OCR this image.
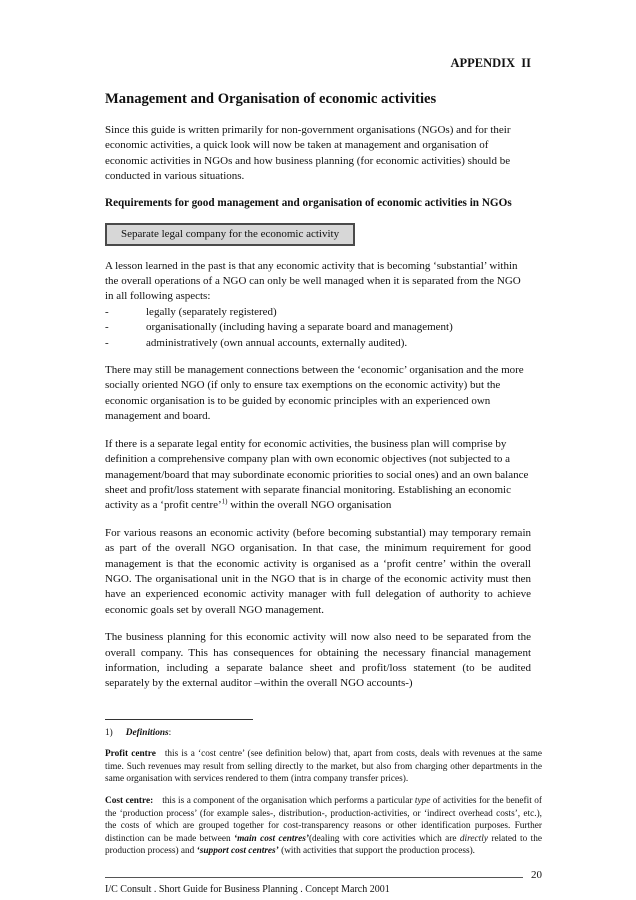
APPENDIX  II
Management and Organisation of economic activities
Since this guide is written primarily for non-government organisations (NGOs) and for their economic activities, a quick look will now be taken at management and organisation of economic activities in NGOs and how business planning (for economic activities) should be conducted in various situations.
Requirements for good management and organisation of economic activities in NGOs
Separate legal company for the economic activity
A lesson learned in the past is that any economic activity that is becoming ‘substantial’ within the overall operations of a NGO can only be well managed when it is separated from the NGO in all following aspects:
-	legally (separately registered)
-	organisationally (including having a separate board and management)
-	administratively (own annual accounts, externally audited).
There may still be management connections between the ‘economic’ organisation and the more socially oriented NGO (if only to ensure tax exemptions on the economic activity) but the economic organisation is to be guided by economic principles with an experienced own management and board.
If there is a separate legal entity for economic activities, the business plan will comprise by definition a comprehensive company plan with own economic objectives (not subjected to a management/board that may subordinate economic priorities to social ones) and an own balance sheet and profit/loss statement with separate financial monitoring. Establishing an economic activity as a ‘profit centre’$^{1)}$ within the overall NGO organisation
For various reasons an economic activity (before becoming substantial) may temporary remain as part of the overall NGO organisation. In that case, the minimum requirement for good management is that the economic activity is organised as a ‘profit centre’ within the overall NGO. The organisational unit in the NGO that is in charge of the economic activity must then have an experienced economic activity manager with full delegation of authority to achieve economic goals set by overall NGO management.
The business planning for this economic activity will now also need to be separated from the overall company. This has consequences for obtaining the necessary financial management information, including a separate balance sheet and profit/loss statement (to be audited separately by the external auditor –within the overall NGO accounts-)
1) Definitions:
Profit centre this is a ‘cost centre’ (see definition below) that, apart from costs, deals with revenues at the same time. Such revenues may result from selling directly to the market, but also from charging other departments in the same organisation with services rendered to them (intra company transfer prices).
Cost centre: this is a component of the organisation which performs a particular type of activities for the benefit of the ‘production process’ (for example sales-, distribution-, production-activities, or ‘indirect overhead costs’, etc.), the costs of which are grouped together for cost-transparency reasons or other identification purposes. Further distinction can be made between ‘main cost centres’(dealing with core activities which are directly related to the production process) and ‘support cost centres’ (with activities that support the production process).
20
I/C Consult . Short Guide for Business Planning . Concept March 2001
